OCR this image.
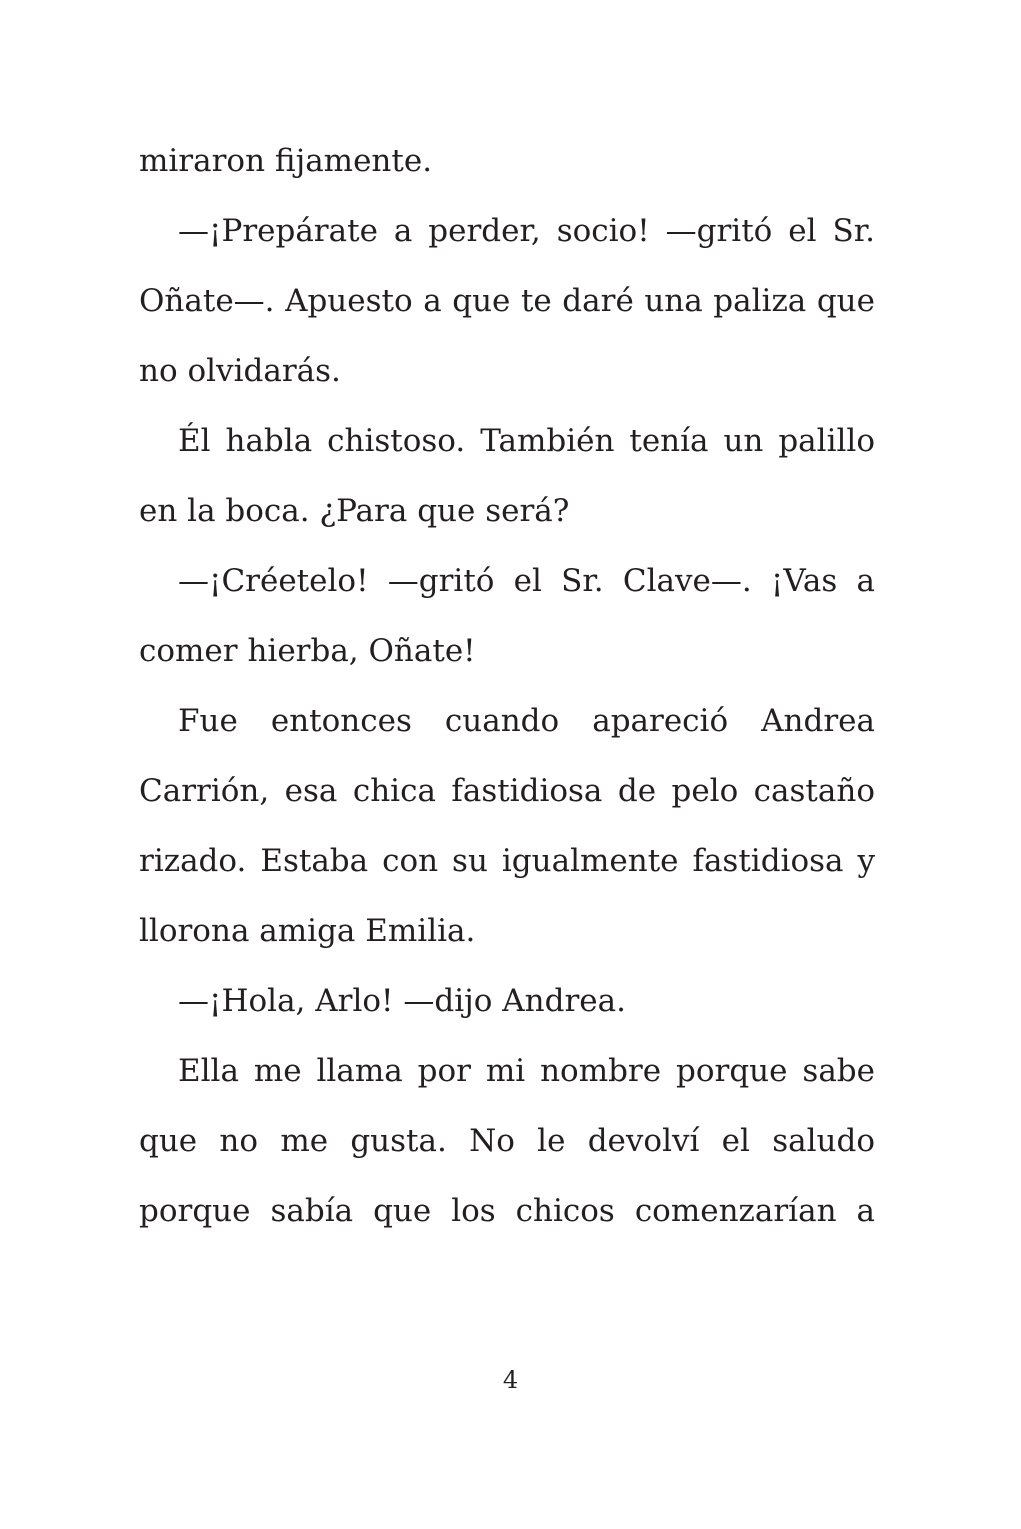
miraron fijamente.
—¡Prepárate a perder, socio! —gritó el Sr.
Oñate—. Apuesto a que te daré una paliza que
no olvidarás.
Él habla chistoso. También tenía un palillo
en la boca. ¿Para que será?
—¡Créetelo! —gritó el Sr. Clave—. ¡Vas a
comer hierba, Oñate!
Fue entonces cuando apareció Andrea
Carrión, esa chica fastidiosa de pelo castaño
rizado. Estaba con su igualmente fastidiosa y
llorona amiga Emilia.
—¡Hola, Arlo! —dijo Andrea.
Ella me llama por mi nombre porque sabe
que no me gusta. No le devolví el saludo
porque sabía que los chicos comenzarían a
4
